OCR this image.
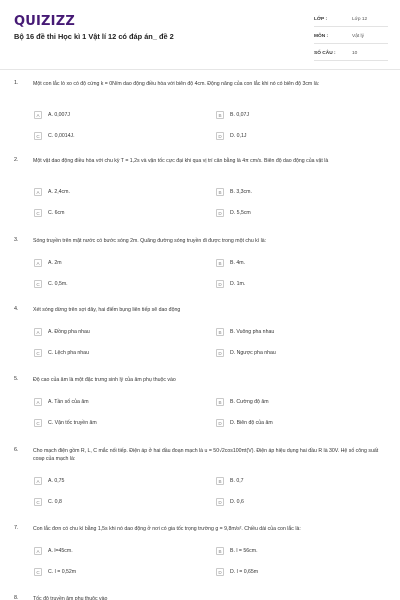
QUIZIZZ
Bộ 16 đề thi Học kì 1 Vật lí 12 có đáp án_ đề 2
LỚP :	Lớp 12
MÔN :	Vật lý
SỐ CÂU :	10
1.	Một con lắc lò xo có độ cứng k = 0N/m dao động điều hòa với biên độ 4cm. Động năng của con lắc khi nó có biên độ 3cm là:
A	A. 0,007J	B	B. 0,07J
C	C. 0,0014J.	D	D. 0,1J
2.	Một vật dao động điều hòa với chu kỳ T = 1,2s và vận tốc cực đại khi qua vị trí cân bằng là 4π cm/s. Biên độ dao động của vật là
A	A. 2,4cm.	B	B. 3,3cm.
C	C. 6cm	D	D. 5,5cm
3.	Sóng truyền trên mặt nước có bước sóng 2m. Quãng đường sóng truyền đi được trong một chu kì là:
A	A. 2m	B	B. 4m.
C	C. 0,5m.	D	D. 1m.
4.	Xét sóng dừng trên sợi dây, hai điểm bụng liên tiếp sẽ dao động
A	A. Đồng pha nhau	B	B. Vuông pha nhau
C	C. Lệch pha nhau	D	D. Ngược pha nhau
5.	Độ cao của âm là một đặc trưng sinh lý của âm phụ thuộc vào
A	A. Tần số của âm	B	B. Cường độ âm
C	C. Vận tốc truyền âm	D	D. Biên độ của âm
6.	Cho mạch điện gồm R, L, C mắc nối tiếp. Điện áp ở hai đầu đoạn mạch là u = 50√2cos100πt(V). Điện áp hiệu dụng hai đầu R là 30V. Hệ số công suất cosφ của mạch là:
A	A. 0,75	B	B. 0,7
C	C. 0,8	D	D. 0,6
7.	Con lắc đơn có chu kì bằng 1,5s khi nó dao động ở nơi có gia tốc trọng trường g = 9,8m/s². Chiều dài của con lắc là:
A	A. l=45cm.	B	B. l = 56cm.
C	C. l = 0,52m	D	D. l = 0,65m
8.	Tốc độ truyền âm phụ thuộc vào
